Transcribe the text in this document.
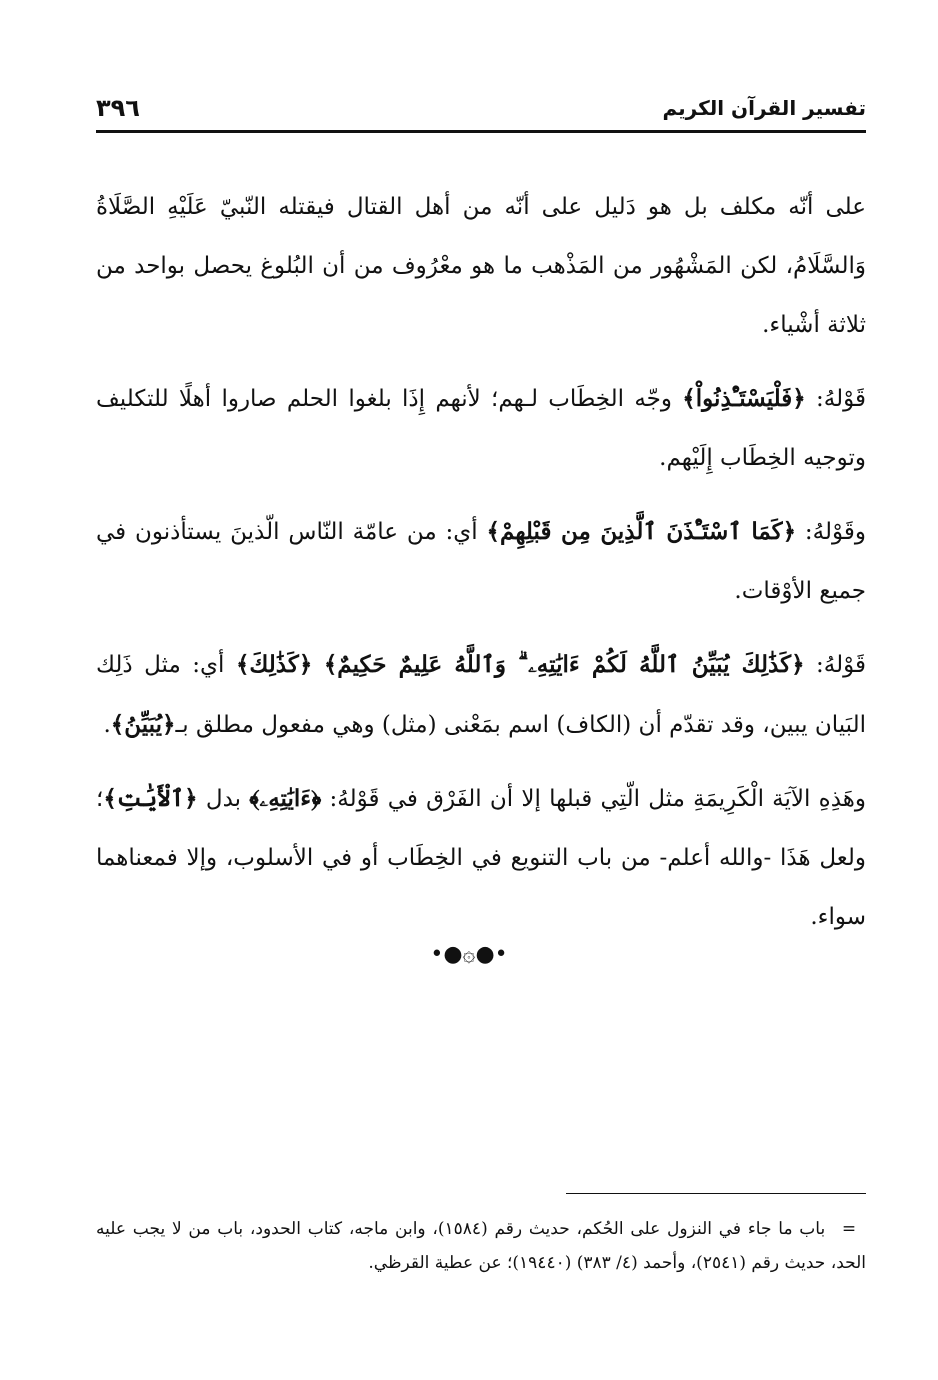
٣٩٦	تفسير القرآن الكريم

على أنّه مكلف بل هو دَليل على أنّه من أهل القتال فيقتله النّبيّ عَلَيْهِ الصَّلَاةُ وَالسَّلَامُ، لكن المَشْهُور من المَذْهب ما هو معْرُوف من أن البُلوغ يحصل بواحد من ثلاثة أشْياء.

قَوْلهُ: ﴿فَلْيَسْتَـْٔذِنُواْ﴾ وجّه الخِطَاب لـهم؛ لأنهم إِذَا بلغوا الحلم صاروا أهلًا للتكليف وتوجيه الخِطَاب إِلَيْهم.

وقَوْلهُ: ﴿كَمَا ٱسْتَـْٔذَنَ ٱلَّذِينَ مِن قَبْلِهِمْ﴾ أي: من عامّة النّاس الّذينَ يستأذنون في جميع الأوْقات.

قَوْلهُ: ﴿كَذَٰلِكَ يُبَيِّنُ ٱللَّهُ لَكُمْ ءَايَٰتِهِۦ ۗ وَٱللَّهُ عَلِيمٌ حَكِيمٌ﴾ ﴿كَذَٰلِكَ﴾ أي: مثل ذَلِك البَيان يبين، وقد تقدّم أن (الكاف) اسم بمَعْنى (مثل) وهي مفعول مطلق بـ﴿يُبَيِّنُ﴾.

وهَذِهِ الآيَة الْكَرِيمَةِ مثل الّتِي قبلها إلا أن الفَرْق في قَوْلهُ: ﴿ءَايَٰتِهِۦ﴾ بدل ﴿ٱلْأَيَٰتِ﴾؛ ولعل هَذَا -والله أعلم- من باب التنويع في الخِطَاب أو في الأسلوب، وإلا فمعناهما سواء.

•●۞●•
= باب ما جاء في النزول على الحُكم، حديث رقم (١٥٨٤)، وابن ماجه، كتاب الحدود، باب من لا يجب عليه الحد، حديث رقم (٢٥٤١)، وأحمد (٤/ ٣٨٣) (١٩٤٤٠)؛ عن عطية القرظي.
